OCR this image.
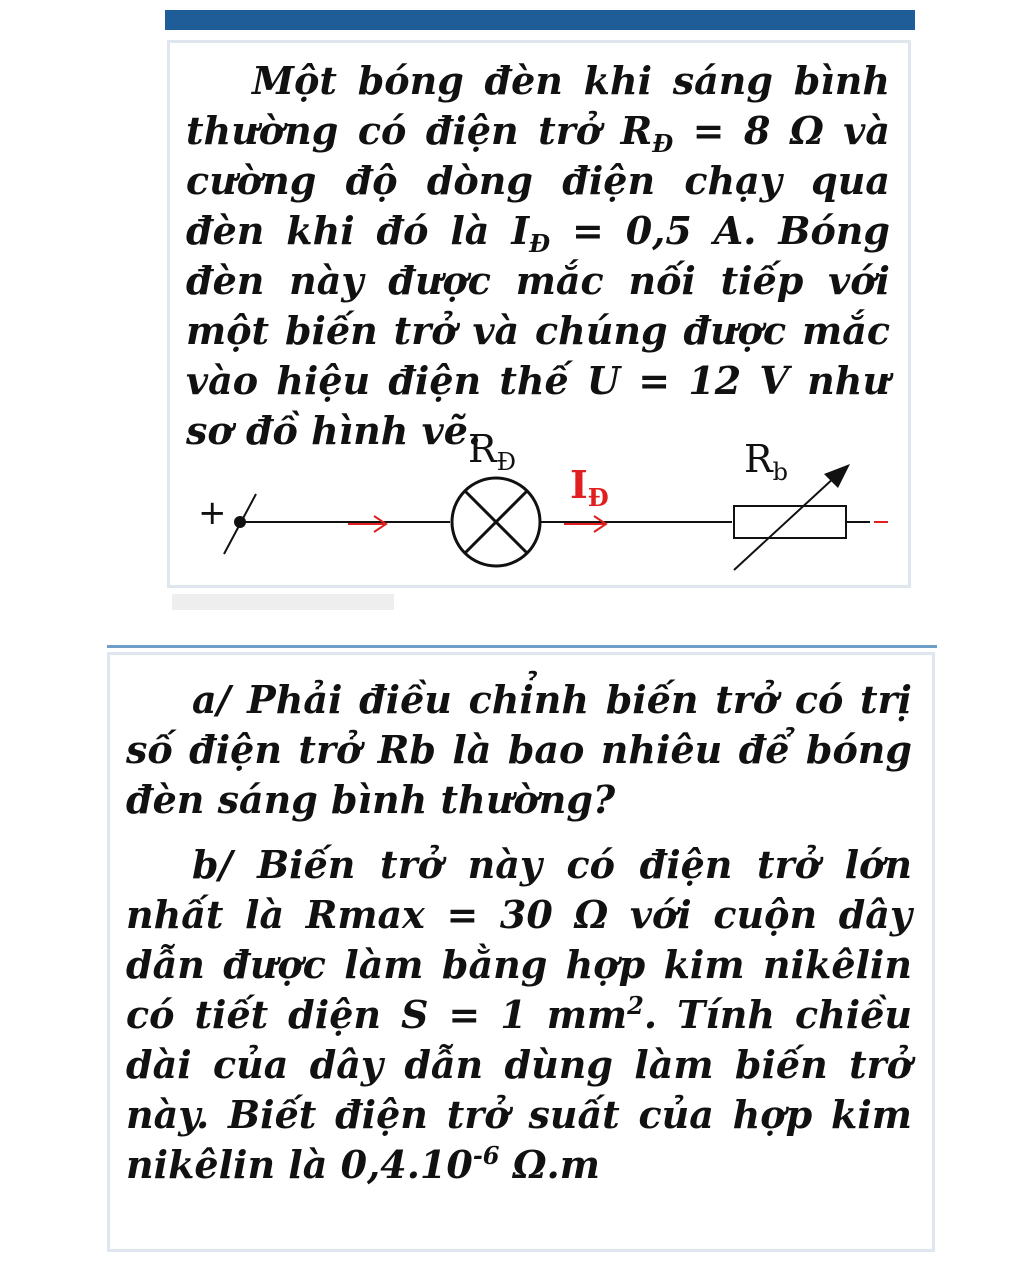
Một bóng đèn khi sáng bình thường có điện trở $R_Đ = 8$ Ω và cường độ dòng điện chạy qua đèn khi đó là $I_Đ = 0,5$ A. Bóng đèn này được mắc nối tiếp với một biến trở và chúng được mắc vào hiệu điện thế U = 12 V như sơ đồ hình vẽ.

+
$R_Đ$ $I_Đ$
$R_b$

a/ Phải điều chỉnh biến trở có trị số điện trở Rb là bao nhiêu để bóng đèn sáng bình thường?

b/ Biến trở này có điện trở lớn nhất là Rmax = 30 Ω với cuộn dây dẫn được làm bằng hợp kim nikêlin có tiết diện S = 1 $mm^2$. Tính chiều dài của dây dẫn dùng làm biến trở này. Biết điện trở suất của hợp kim nikêlin là $0,4.10^{-6}$ Ω.m
